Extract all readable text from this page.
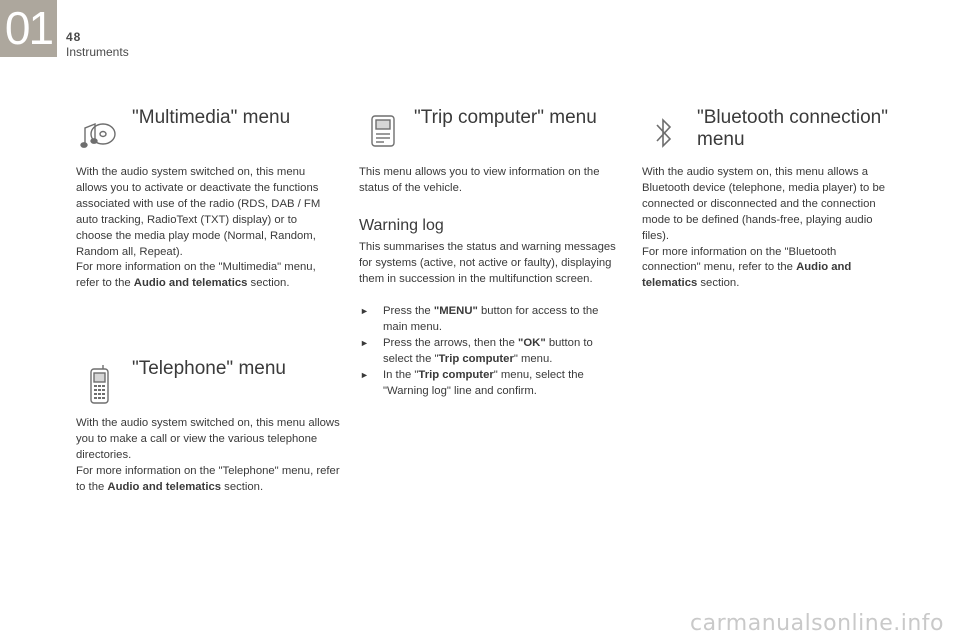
01	48
Instruments
"Multimedia" menu
With the audio system switched on, this menu allows you to activate or deactivate the functions associated with use of the radio (RDS, DAB / FM auto tracking, RadioText (TXT) display) or to choose the media play mode (Normal, Random, Random all, Repeat).
For more information on the "Multimedia" menu, refer to the Audio and telematics section.
"Telephone" menu
With the audio system switched on, this menu allows you to make a call or view the various telephone directories.
For more information on the "Telephone" menu, refer to the Audio and telematics section.
"Trip computer" menu
This menu allows you to view information on the status of the vehicle.
Warning log
This summarises the status and warning messages for systems (active, not active or faulty), displaying them in succession in the multifunction screen.
► Press the "MENU" button for access to the main menu.
► Press the arrows, then the "OK" button to select the "Trip computer" menu.
► In the "Trip computer" menu, select the "Warning log" line and confirm.
"Bluetooth connection" menu
With the audio system on, this menu allows a Bluetooth device (telephone, media player) to be connected or disconnected and the connection mode to be defined (hands-free, playing audio files).
For more information on the "Bluetooth connection" menu, refer to the Audio and telematics section.
carmanualsonline.info
